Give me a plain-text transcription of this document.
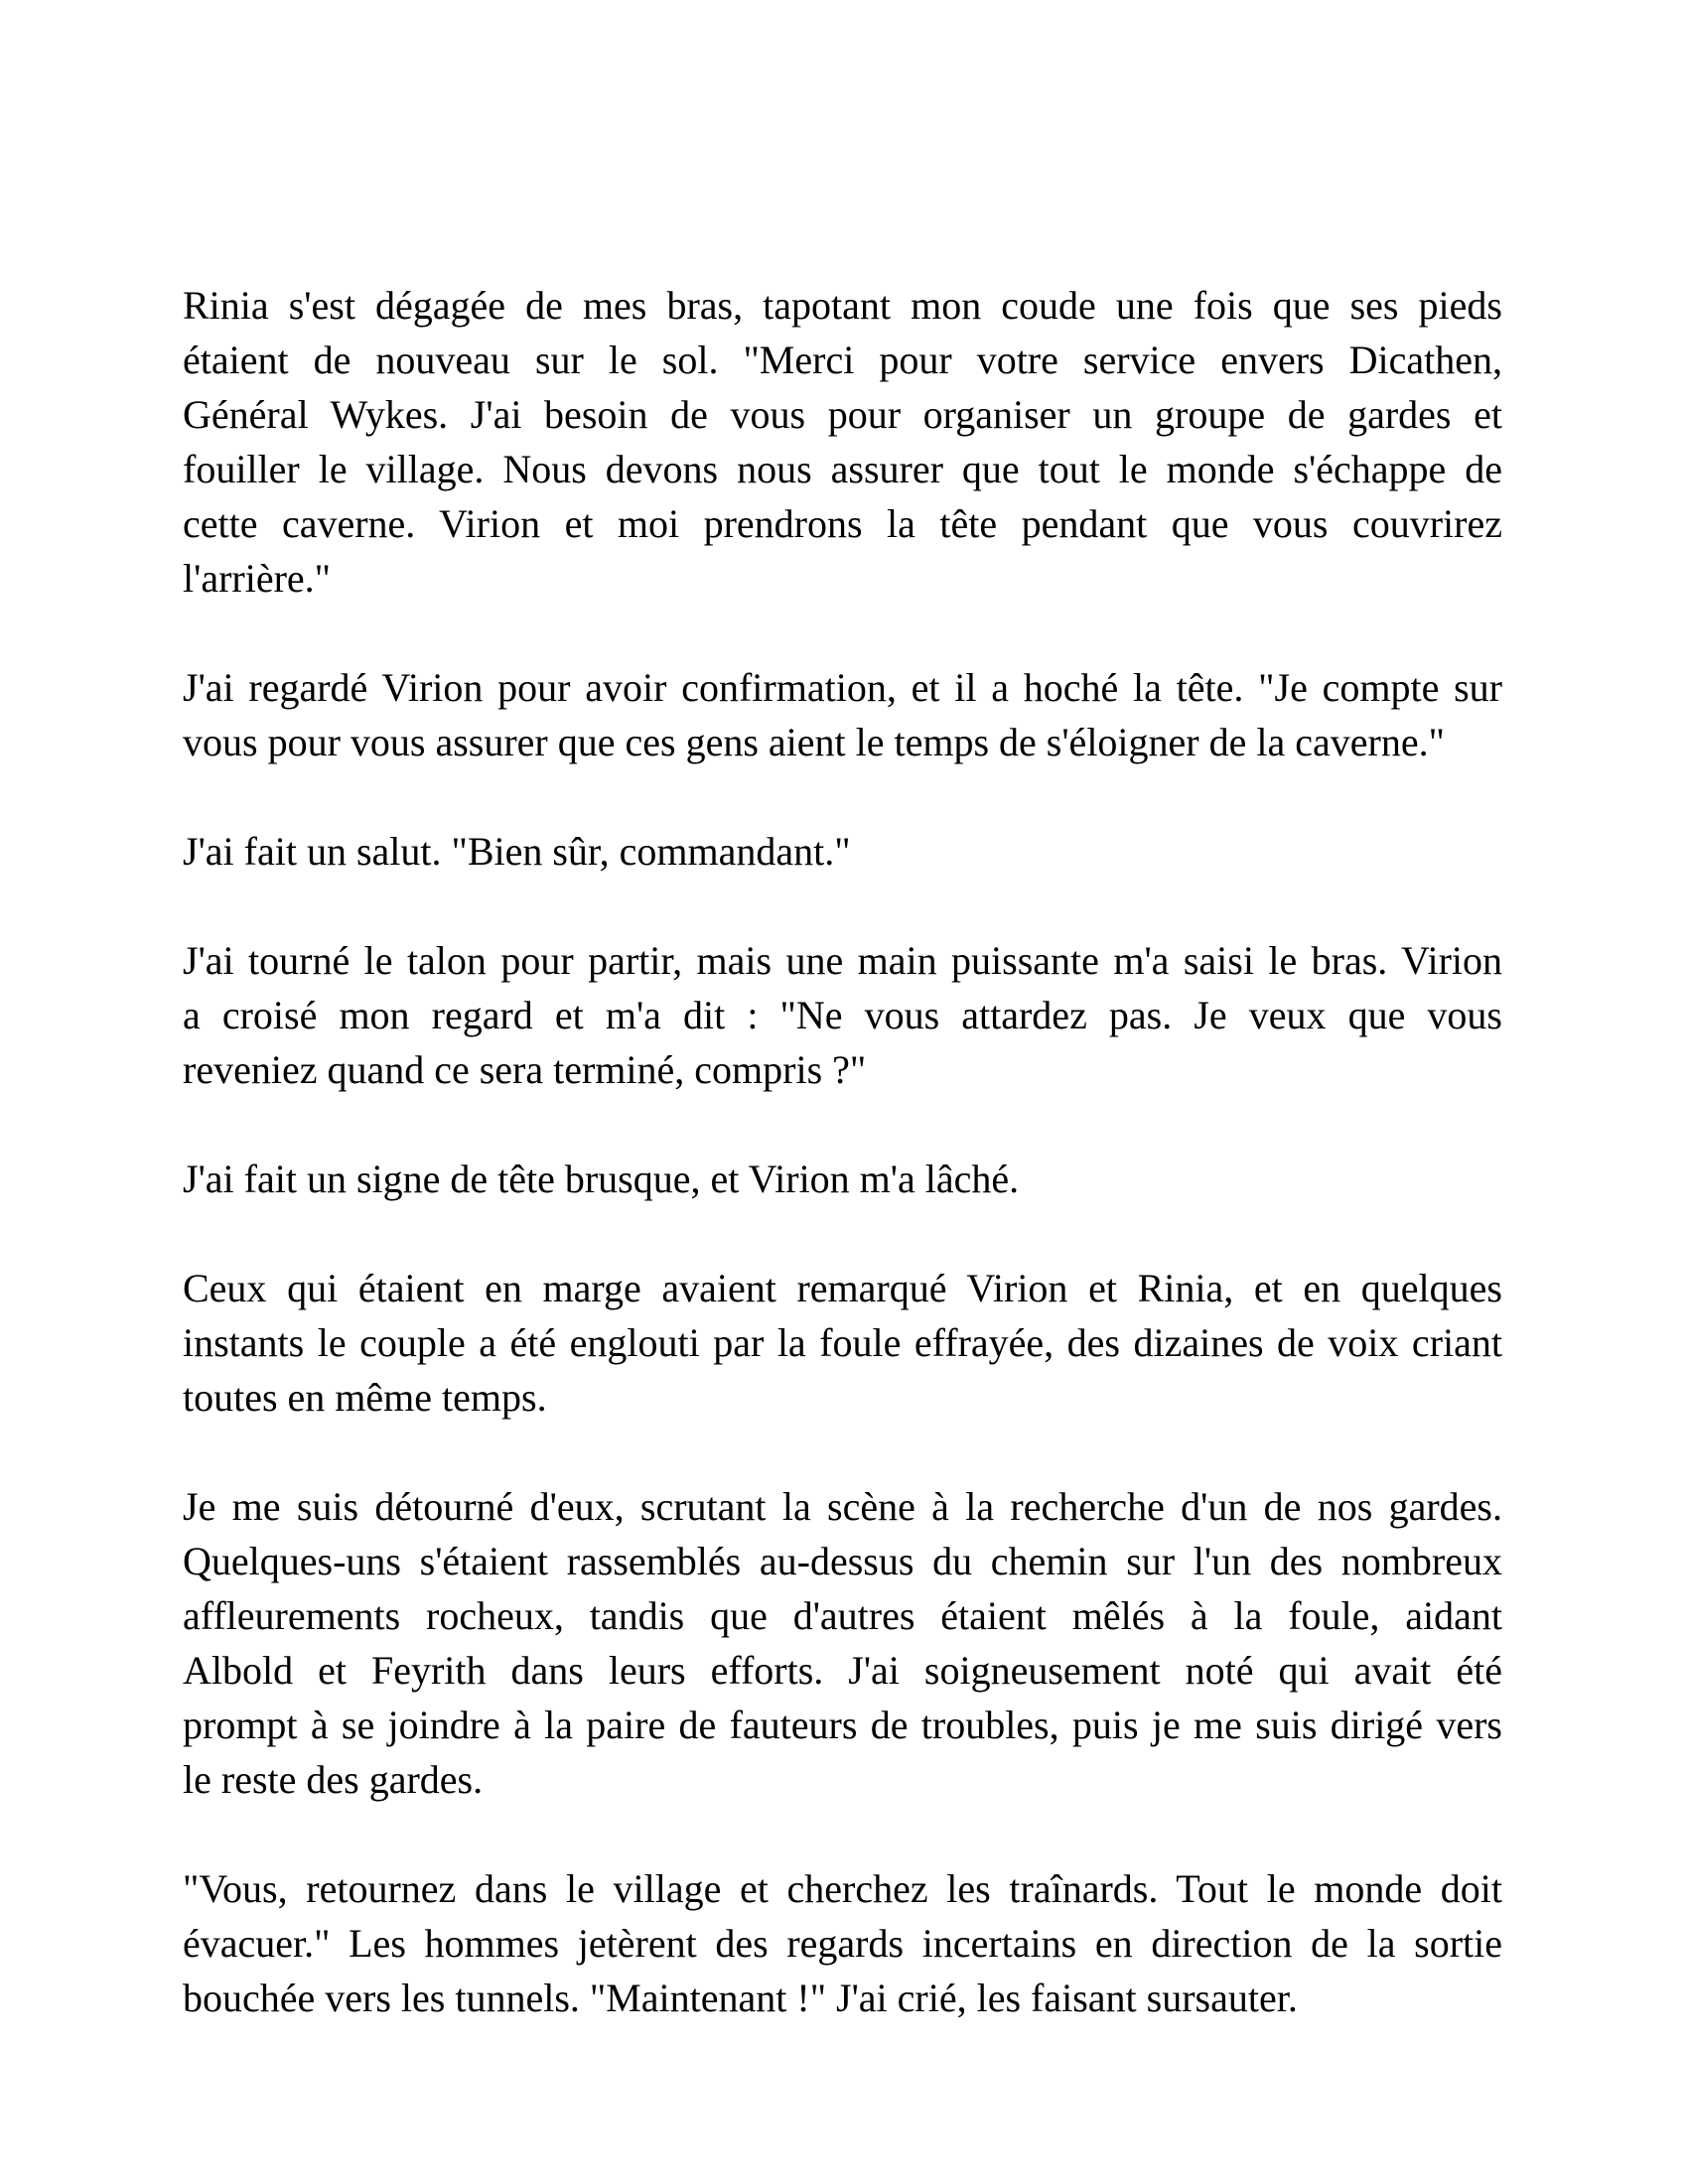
Rinia s'est dégagée de mes bras, tapotant mon coude une fois que ses pieds
étaient de nouveau sur le sol. "Merci pour votre service envers Dicathen,
Général Wykes. J'ai besoin de vous pour organiser un groupe de gardes et
fouiller le village. Nous devons nous assurer que tout le monde s'échappe de
cette caverne. Virion et moi prendrons la tête pendant que vous couvrirez
l'arrière."
J'ai regardé Virion pour avoir confirmation, et il a hoché la tête. "Je compte sur
vous pour vous assurer que ces gens aient le temps de s'éloigner de la caverne."
J'ai fait un salut. "Bien sûr, commandant."
J'ai tourné le talon pour partir, mais une main puissante m'a saisi le bras. Virion
a croisé mon regard et m'a dit : "Ne vous attardez pas. Je veux que vous
reveniez quand ce sera terminé, compris ?"
J'ai fait un signe de tête brusque, et Virion m'a lâché.
Ceux qui étaient en marge avaient remarqué Virion et Rinia, et en quelques
instants le couple a été englouti par la foule effrayée, des dizaines de voix criant
toutes en même temps.
Je me suis détourné d'eux, scrutant la scène à la recherche d'un de nos gardes.
Quelques-uns s'étaient rassemblés au-dessus du chemin sur l'un des nombreux
affleurements rocheux, tandis que d'autres étaient mêlés à la foule, aidant
Albold et Feyrith dans leurs efforts. J'ai soigneusement noté qui avait été
prompt à se joindre à la paire de fauteurs de troubles, puis je me suis dirigé vers
le reste des gardes.
"Vous, retournez dans le village et cherchez les traînards. Tout le monde doit
évacuer." Les hommes jetèrent des regards incertains en direction de la sortie
bouchée vers les tunnels. "Maintenant !" J'ai crié, les faisant sursauter.
